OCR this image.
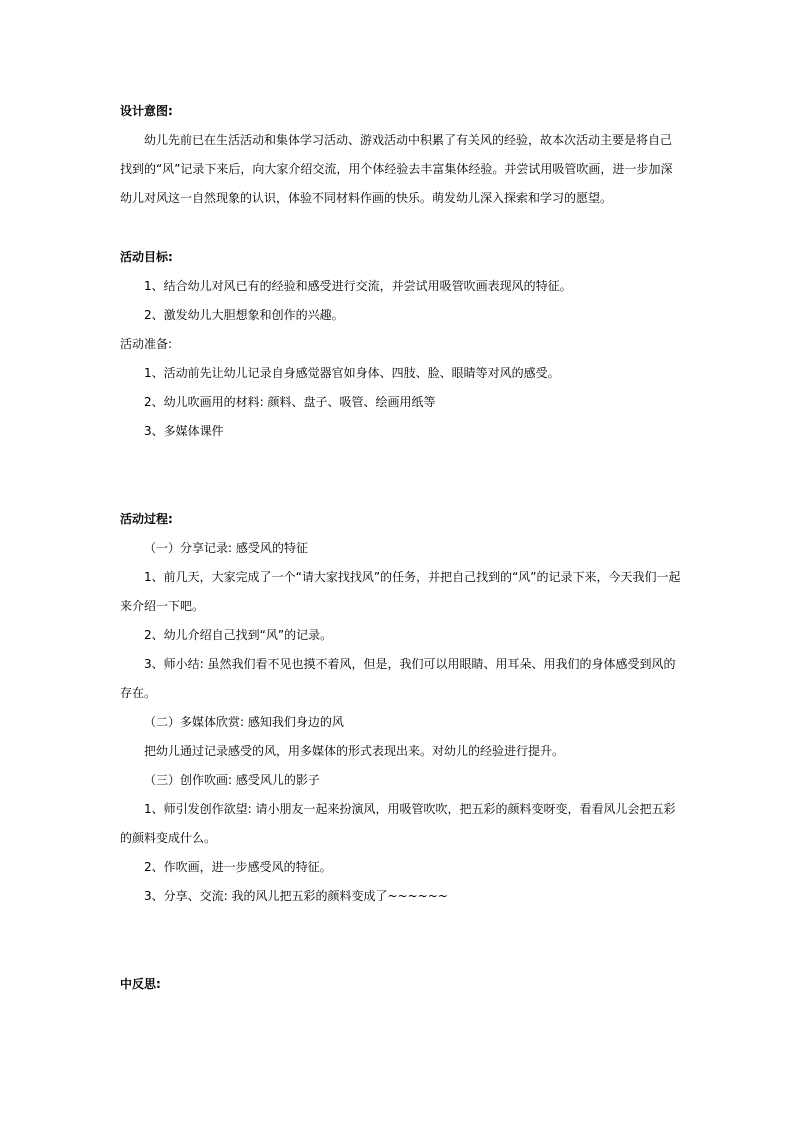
设计意图:
幼儿先前已在生活活动和集体学习活动、游戏活动中积累了有关风的经验，故本次活动主要是将自己
找到的“风”记录下来后，向大家介绍交流，用个体经验去丰富集体经验。并尝试用吸管吹画，进一步加深
幼儿对风这一自然现象的认识，体验不同材料作画的快乐。萌发幼儿深入探索和学习的愿望。
活动目标:
1、结合幼儿对风已有的经验和感受进行交流，并尝试用吸管吹画表现风的特征。
2、激发幼儿大胆想象和创作的兴趣。
活动准备:
1、活动前先让幼儿记录自身感觉器官如身体、四肢、脸、眼睛等对风的感受。
2、幼儿吹画用的材料: 颜料、盘子、吸管、绘画用纸等
3、多媒体课件
活动过程:
（一）分享记录: 感受风的特征
1、前几天，大家完成了一个“请大家找找风”的任务，并把自己找到的“风”的记录下来，今天我们一起
来介绍一下吧。
2、幼儿介绍自己找到“风”的记录。
3、师小结: 虽然我们看不见也摸不着风，但是，我们可以用眼睛、用耳朵、用我们的身体感受到风的
存在。
（二）多媒体欣赏: 感知我们身边的风
把幼儿通过记录感受的风，用多媒体的形式表现出来。对幼儿的经验进行提升。
（三）创作吹画: 感受风儿的影子
1、师引发创作欲望: 请小朋友一起来扮演风，用吸管吹吹，把五彩的颜料变呀变，看看风儿会把五彩
的颜料变成什么。
2、作吹画，进一步感受风的特征。
3、分享、交流: 我的风儿把五彩的颜料变成了~~~~~~
中反思:
